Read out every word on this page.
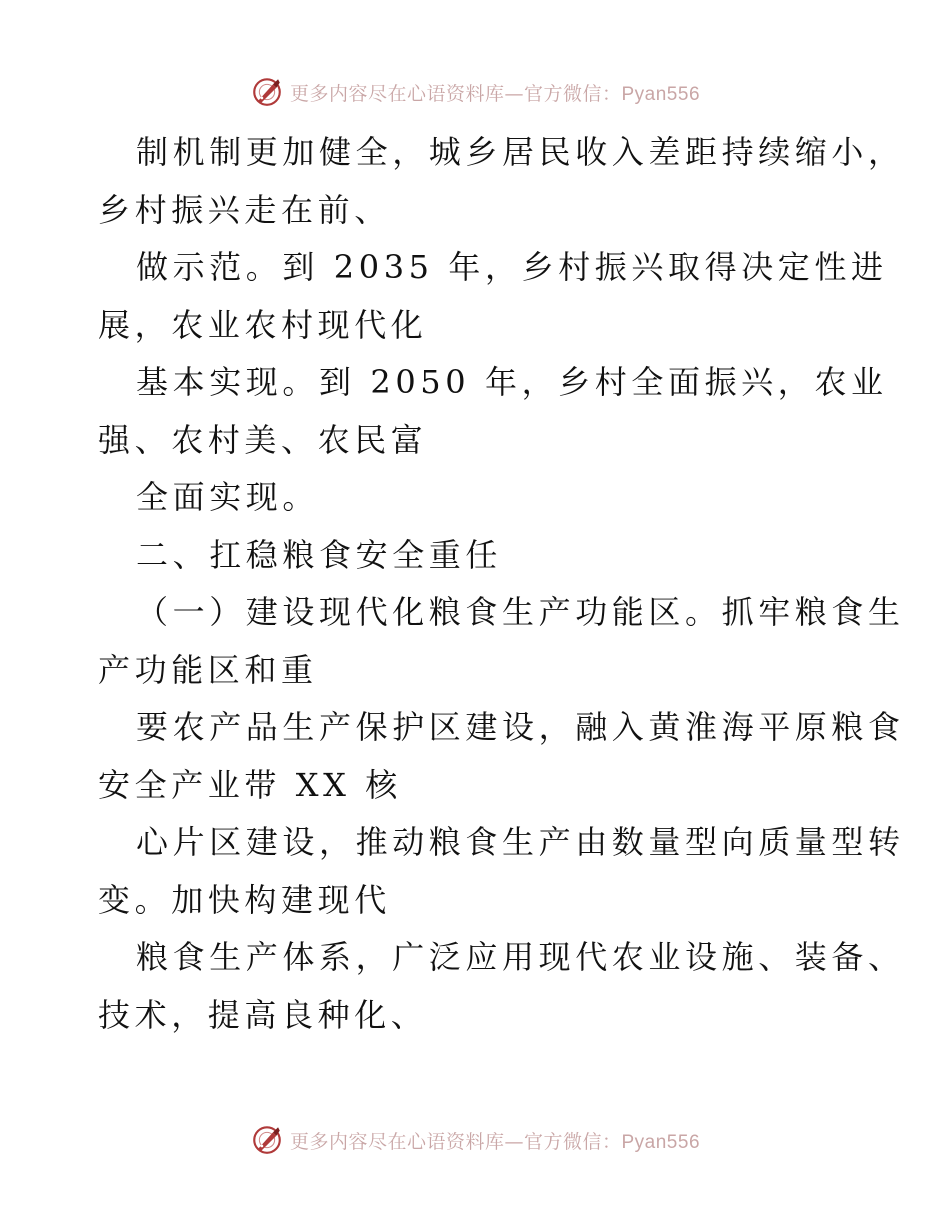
更多内容尽在心语资料库—官方微信：Pyan556
制机制更加健全，城乡居民收入差距持续缩小，
乡村振兴走在前、
做示范。到 2035 年，乡村振兴取得决定性进
展，农业农村现代化
基本实现。到 2050 年，乡村全面振兴，农业
强、农村美、农民富
全面实现。
二、扛稳粮食安全重任
（一）建设现代化粮食生产功能区。抓牢粮食生
产功能区和重
要农产品生产保护区建设，融入黄淮海平原粮食
安全产业带 XX 核
心片区建设，推动粮食生产由数量型向质量型转
变。加快构建现代
粮食生产体系，广泛应用现代农业设施、装备、
技术，提高良种化、
更多内容尽在心语资料库—官方微信：Pyan556
